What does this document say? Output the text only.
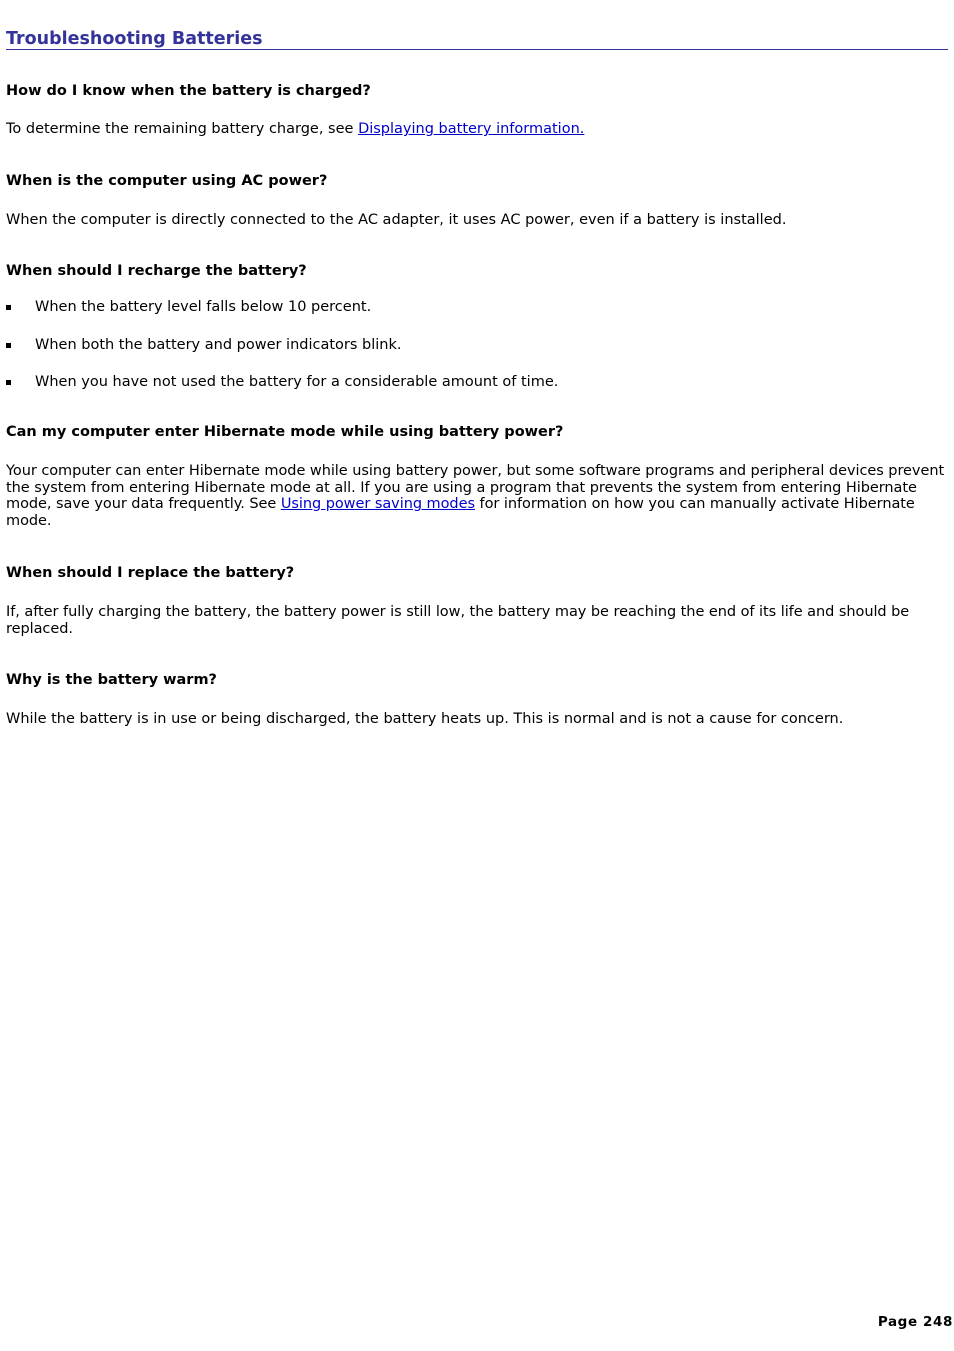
Troubleshooting Batteries

How do I know when the battery is charged?

To determine the remaining battery charge, see Displaying battery information.

When is the computer using AC power?

When the computer is directly connected to the AC adapter, it uses AC power, even if a battery is installed.

When should I recharge the battery?

When the battery level falls below 10 percent.
When both the battery and power indicators blink.
When you have not used the battery for a considerable amount of time.

Can my computer enter Hibernate mode while using battery power?

Your computer can enter Hibernate mode while using battery power, but some software programs and peripheral devices prevent the system from entering Hibernate mode at all. If you are using a program that prevents the system from entering Hibernate mode, save your data frequently. See Using power saving modes for information on how you can manually activate Hibernate mode.

When should I replace the battery?

If, after fully charging the battery, the battery power is still low, the battery may be reaching the end of its life and should be replaced.

Why is the battery warm?

While the battery is in use or being discharged, the battery heats up. This is normal and is not a cause for concern.

Page 248
